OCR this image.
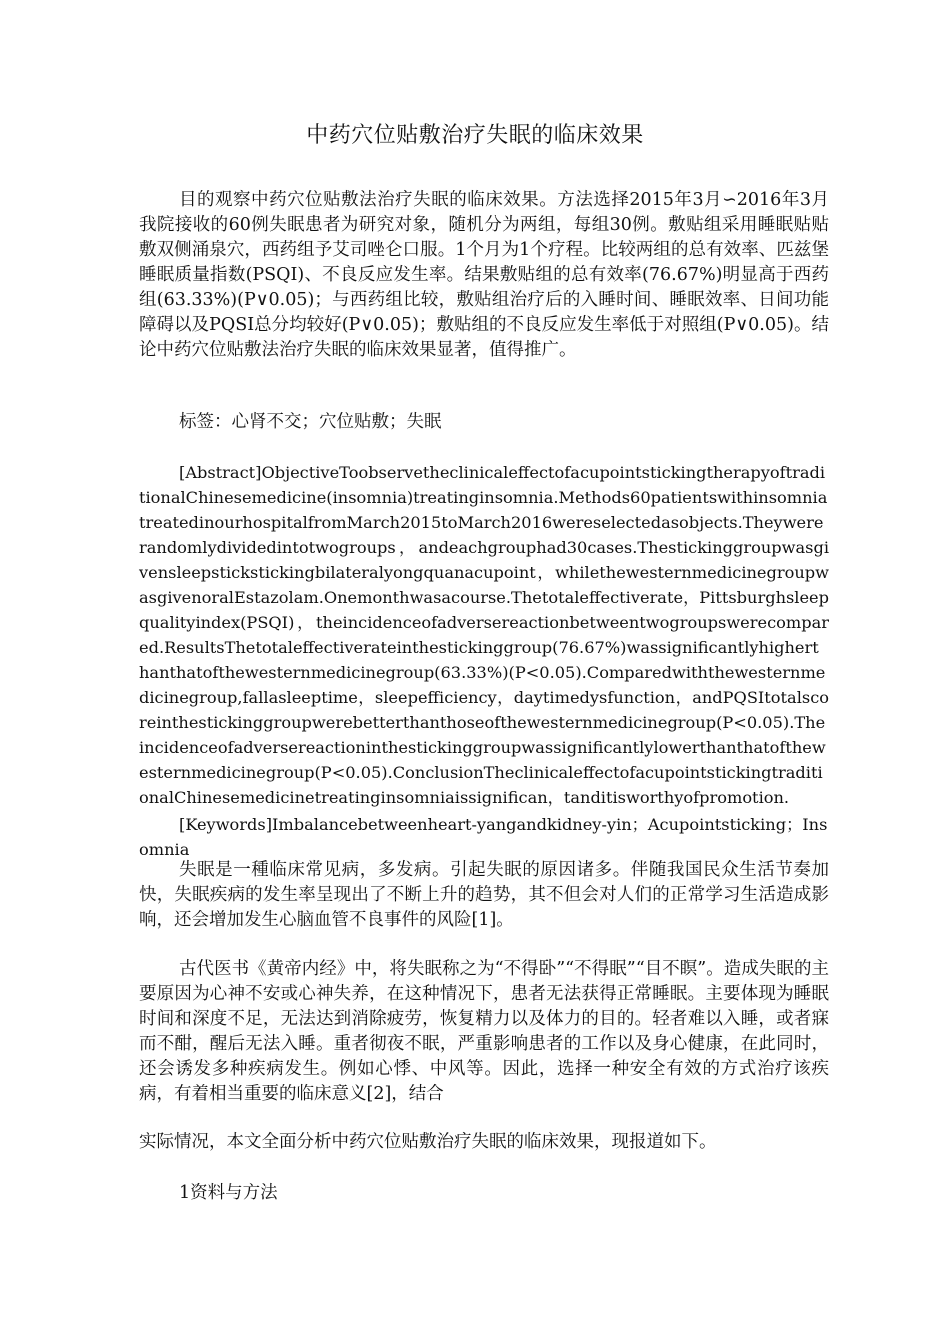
中药穴位贴敷治疗失眠的临床效果

目的观察中药穴位贴敷法治疗失眠的临床效果。方法选择2015年3月∽2016年3月我院接收的60例失眠患者为研究对象，随机分为两组，每组30例。敷贴组采用睡眠贴贴敷双侧涌泉穴，西药组予艾司唑仑口服。1个月为1个疗程。比较两组的总有效率、匹兹堡睡眠质量指数(PSQI)、不良反应发生率。结果敷贴组的总有效率(76.67%)明显高于西药组(63.33%)(P∨0.05)；与西药组比较，敷贴组治疗后的入睡时间、睡眠效率、日间功能障碍以及PQSI总分均较好(P∨0.05)；敷贴组的不良反应发生率低于对照组(P∨0.05)。结论中药穴位贴敷法治疗失眠的临床效果显著，值得推广。

标签：心肾不交；穴位贴敷；失眠

[Abstract]ObjectiveToobservetheclinicaleffectofacupointstickingtherapyoftraditionalChinesemedicine(insomnia)treatinginsomnia.Methods60patientswithinsomniatreatedinourhospitalfromMarch2015toMarch2016wereselectedasobjects.Theywererandomlydividedintotwogroups，andeachgrouphad30cases.Thestickinggroupwasgivensleepstickstickingbilateralyongquanacupoint，whilethewesternmedicinegroupwasgivenoralEstazolam.Onemonthwasacourse.Thetotaleffectiverate，Pittsburghsleepqualityindex(PSQI)，theincidenceofadversereactionbetweentwogroupswerecompared.ResultsThetotaleffectiverateinthestickinggroup(76.67%)wassignificantlyhigherthanthatofthewesternmedicinegroup(63.33%)(P<0.05).Comparedwiththewesternmedicinegroup,fallasleeptime，sleepefficiency，daytimedysfunction，andPQSItotalscoreinthestickinggroupwerebetterthanthoseofthewesternmedicinegroup(P<0.05).Theincidenceofadversereactioninthestickinggroupwassignificantlylowerthanthatofthewesternmedicinegroup(P<0.05).ConclusionTheclinicaleffectofacupointstickingtraditionalChinesemedicinetreatinginsomniaissignifican，tanditisworthyofpromotion.

[Keywords]Imbalancebetweenheart-yangandkidney-yin；Acupointsticking；Insomnia

失眠是一種临床常见病，多发病。引起失眠的原因诸多。伴随我国民众生活节奏加快，失眠疾病的发生率呈现出了不断上升的趋势，其不但会对人们的正常学习生活造成影响，还会增加发生心脑血管不良事件的风险[1]。

古代医书《黄帝内经》中，将失眠称之为“不得卧”“不得眠”“目不瞑”。造成失眠的主要原因为心神不安或心神失养，在这种情况下，患者无法获得正常睡眠。主要体现为睡眠时间和深度不足，无法达到消除疲劳，恢复精力以及体力的目的。轻者难以入睡，或者寐而不酣，醒后无法入睡。重者彻夜不眠，严重影响患者的工作以及身心健康，在此同时，还会诱发多种疾病发生。例如心悸、中风等。因此，选择一种安全有效的方式治疗该疾病，有着相当重要的临床意义[2]，结合

实际情况，本文全面分析中药穴位贴敷治疗失眠的临床效果，现报道如下。

1资料与方法
